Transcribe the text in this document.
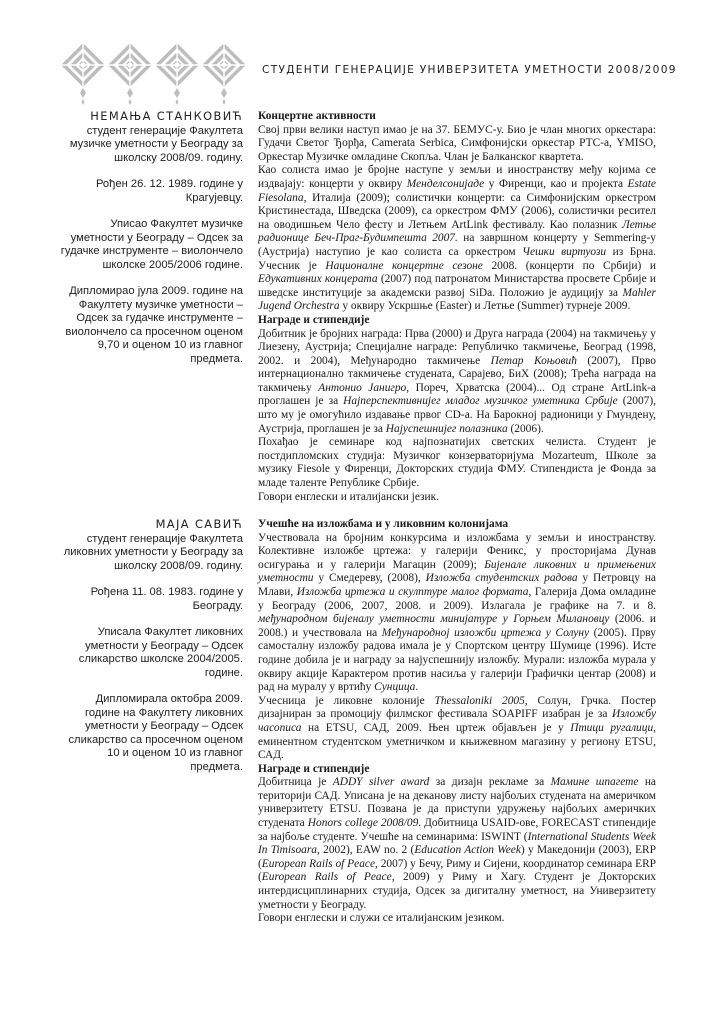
СТУДЕНТИ ГЕНЕРАЦИЈЕ УНИВЕРЗИТЕТА УМЕТНОСТИ 2008/2009
НЕМАЊА СТАНКОВИЋ

студент генерације Факултета музичке уметности у Београду за школску 2008/09. годину.

Рођен 26. 12. 1989. године у Крагујевцу.

Уписао Факултет музичке уметности у Београду – Одсек за гудачке инструменте – виолончело школске 2005/2006 године.

Дипломирао јула 2009. године на Факултету музичке уметности – Одсек за гудачке инструменте – виолончело са просечном оценом 9,70 и оценом 10 из главног предмета.

Концертне активности

Свој први велики наступ имао је на 37. БЕМУС-у. Био је члан многих оркестара: Гудачи Светог Ђорђа, Camerata Serbica, Симфонијски оркестар РТС-а, YMISO, Оркестар Музичке омладине Скопља. Члан је Балканског квартета.

Као солиста имао је бројне наступе у земљи и иностранству међу којима се издвајају: концерти у оквиру Менделсонијаде у Фиренци, као и пројекта Estate Fiesolana, Италија (2009); солистички концерти: са Симфонијским оркестром Кристинестада, Шведска (2009), са оркестром ФМУ (2006), солистички ресител на оводишњем Чело фесту и Летњем ArtLink фестивалу. Као полазник Летње радионице Беч-Праг-Будимпешта 2007. на завршном концерту у Semmering-у (Аустрија) наступио је као солиста са оркестром Чешки виртуози из Брна. Учесник је Националне концертне сезоне 2008. (концерти по Србији) и Едукативних концерата (2007) под патронатом Министарства просвете Србије и шведске институције за академски развој SiDa. Положио је аудицију за Mahler Jugend Orchestra у оквиру Ускршње (Easter) и Летње (Summer) турнеје 2009.

Награде и стипендије

Добитник је бројних награда: Прва (2000) и Друга награда (2004) на такмичењу у Лиезену, Аустрија; Специјалне награде: Републичко такмичење, Београд (1998, 2002. и 2004), Међународно такмичење Петар Коњовић (2007), Прво интернационално такмичење студената, Сарајево, БиХ (2008); Трећа награда на такмичењу Антонио Јанигро, Пореч, Хрватска (2004)... Од стране ArtLink-a проглашен је за Најперспективнијег младог музичког уметника Србије (2007), што му је омогућило издавање првог CD-a. На Барокној радионици у Гмундену, Аустрија, проглашен је за Најуспешнијег полазника (2006).

Похађао је семинаре код најпознатијих светских челиста. Студент је постдипломских студија: Музичког конзерваторијума Mozarteum, Школе за музику Fiesole у Фиренци, Докторских студија ФМУ. Стипендиста је Фонда за младе таленте Републике Србије.

Говори енглески и италијански језик.

МАЈА САВИЋ

студент генерације Факултета ликовних уметности у Београду за школску 2008/09. годину.

Рођена 11. 08. 1983. године у Београду.

Уписала Факултет ликовних уметности у Београду – Одсек сликарство школске 2004/2005. године.

Дипломирала октобра 2009. године на Факултету ликовних уметности у Београду – Одсек сликарство са просечном оценом 10 и оценом 10 из главног предмета.

Учешће на изложбама и у ликовним колонијама

Учествовала на бројним конкурсима и изложбама у земљи и иностранству. Колективне изложбе цртежа: у галерији Феникс, у просторијама Дунав осигурања и у галерији Магацин (2009); Бијенале ликовних и примењених уметности у Смедереву, (2008), Изложба студентских радова у Петровцу на Млави, Изложба цртежа и скулптуре малог формата, Галерија Дома омладине у Београду (2006, 2007, 2008. и 2009). Излагала је графике на 7. и 8. међународном бијеналу уметности минијатуре у Горњем Милановцу (2006. и 2008.) и учествовала на Међународној изложби цртежа у Солуну (2005). Прву самосталну изложбу радова имала је у Спортском центру Шумице (1996). Исте године добила је и награду за најуспешнију изложбу. Мурали: изложба мурала у оквиру акције Карактером против насиља у галерији Графички центар (2008) и рад на муралу у вртићу Сунцица.

Учесница је ликовне колоније Thessaloniki 2005, Солун, Грчка. Постер дизајниран за промоцију филмског фестивала SOAPIFF изабран је за Изложбу часописа на ETSU, САД, 2009. Њен цртеж објављен је у Птици ругалици, еминентном студентском уметничком и књижевном магазину у региону ETSU, САД.

Награде и стипендије

Добитница је ADDY silver award за дизајн рекламе за Мамине шпагете на територији САД. Уписана је на деканову листу најбољих студената на америчком универзитету ETSU. Позвана је да приступи удружењу најбољих америчких студената Honors college 2008/09. Добитница USAID-ове, FORECAST стипендије за најбоље студенте. Учешће на семинарима: ISWINT (International Students Week In Timisoara, 2002), EAW no. 2 (Education Action Week) у Македонији (2003), ERP (European Rails of Peace, 2007) у Бечу, Риму и Сијени, координатор семинара ERP (European Rails of Peace, 2009) у Риму и Хагу. Студент је Докторских интердисциплинарних студија, Одсек за дигиталну уметност, на Универзитету уметности у Београду.

Говори енглески и служи се италијанским језиком.
